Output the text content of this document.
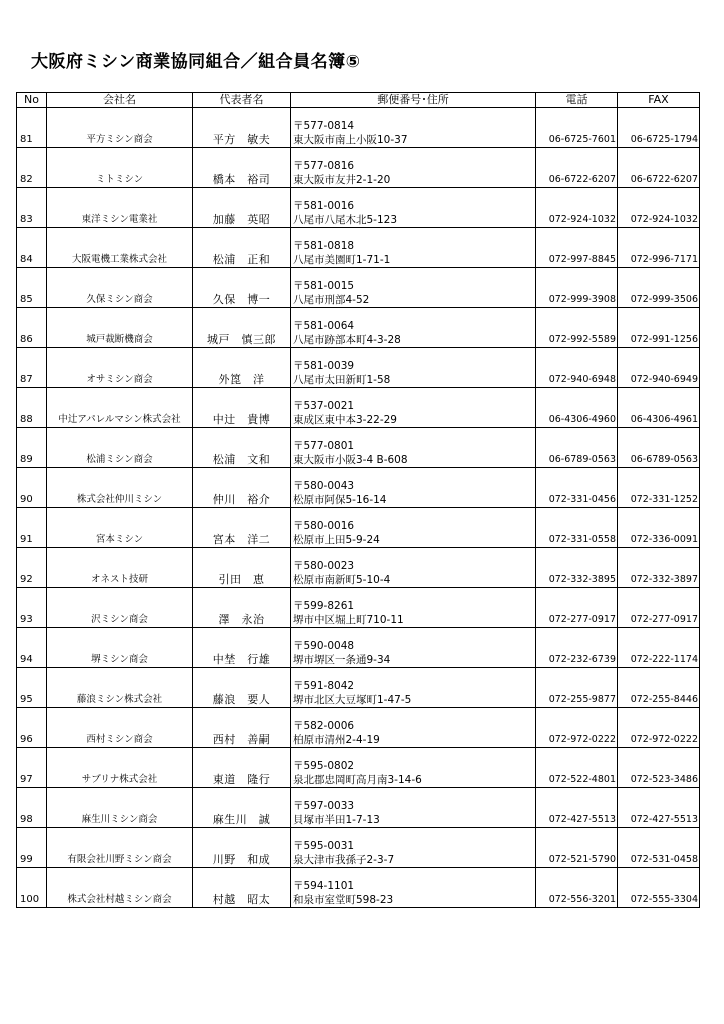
大阪府ミシン商業協同組合／組合員名簿⑤
No	会社名	代表者名	郵便番号･住所	電話	FAX
81	平方ミシン商会	平方　敏夫	〒577-0814
東大阪市南上小阪10-37	06-6725-7601	06-6725-1794
82	ミトミシン	橋本　裕司	〒577-0816
東大阪市友井2-1-20	06-6722-6207	06-6722-6207
83	東洋ミシン電業社	加藤　英昭	〒581-0016
八尾市八尾木北5-123	072-924-1032	072-924-1032
84	大阪電機工業株式会社	松浦　正和	〒581-0818
八尾市美園町1-71-1	072-997-8845	072-996-7171
85	久保ミシン商会	久保　博一	〒581-0015
八尾市刑部4-52	072-999-3908	072-999-3506
86	城戸裁断機商会	城戸　慎三郎	〒581-0064
八尾市跡部本町4-3-28	072-992-5589	072-991-1256
87	オサミシン商会	外箆　洋	〒581-0039
八尾市太田新町1-58	072-940-6948	072-940-6949
88	中辻アパレルマシン株式会社	中辻　貴博	〒537-0021
東成区東中本3-22-29	06-4306-4960	06-4306-4961
89	松浦ミシン商会	松浦　文和	〒577-0801
東大阪市小阪3-4 B-608	06-6789-0563	06-6789-0563
90	株式会社仲川ミシン	仲川　裕介	〒580-0043
松原市阿保5-16-14	072-331-0456	072-331-1252
91	宮本ミシン	宮本　洋二	〒580-0016
松原市上田5-9-24	072-331-0558	072-336-0091
92	オネスト技研	引田　恵	〒580-0023
松原市南新町5-10-4	072-332-3895	072-332-3897
93	沢ミシン商会	澤　永治	〒599-8261
堺市中区堀上町710-11	072-277-0917	072-277-0917
94	堺ミシン商会	中埜　行雄	〒590-0048
堺市堺区一条通9-34	072-232-6739	072-222-1174
95	藤浪ミシン株式会社	藤浪　要人	〒591-8042
堺市北区大豆塚町1-47-5	072-255-9877	072-255-8446
96	西村ミシン商会	西村　善嗣	〒582-0006
柏原市清州2-4-19	072-972-0222	072-972-0222
97	サブリナ株式会社	東道　隆行	〒595-0802
泉北郡忠岡町高月南3-14-6	072-522-4801	072-523-3486
98	麻生川ミシン商会	麻生川　誠	〒597-0033
貝塚市半田1-7-13	072-427-5513	072-427-5513
99	有限会社川野ミシン商会	川野　和成	〒595-0031
泉大津市我孫子2-3-7	072-521-5790	072-531-0458
100	株式会社村越ミシン商会	村越　昭太	〒594-1101
和泉市室堂町598-23	072-556-3201	072-555-3304
